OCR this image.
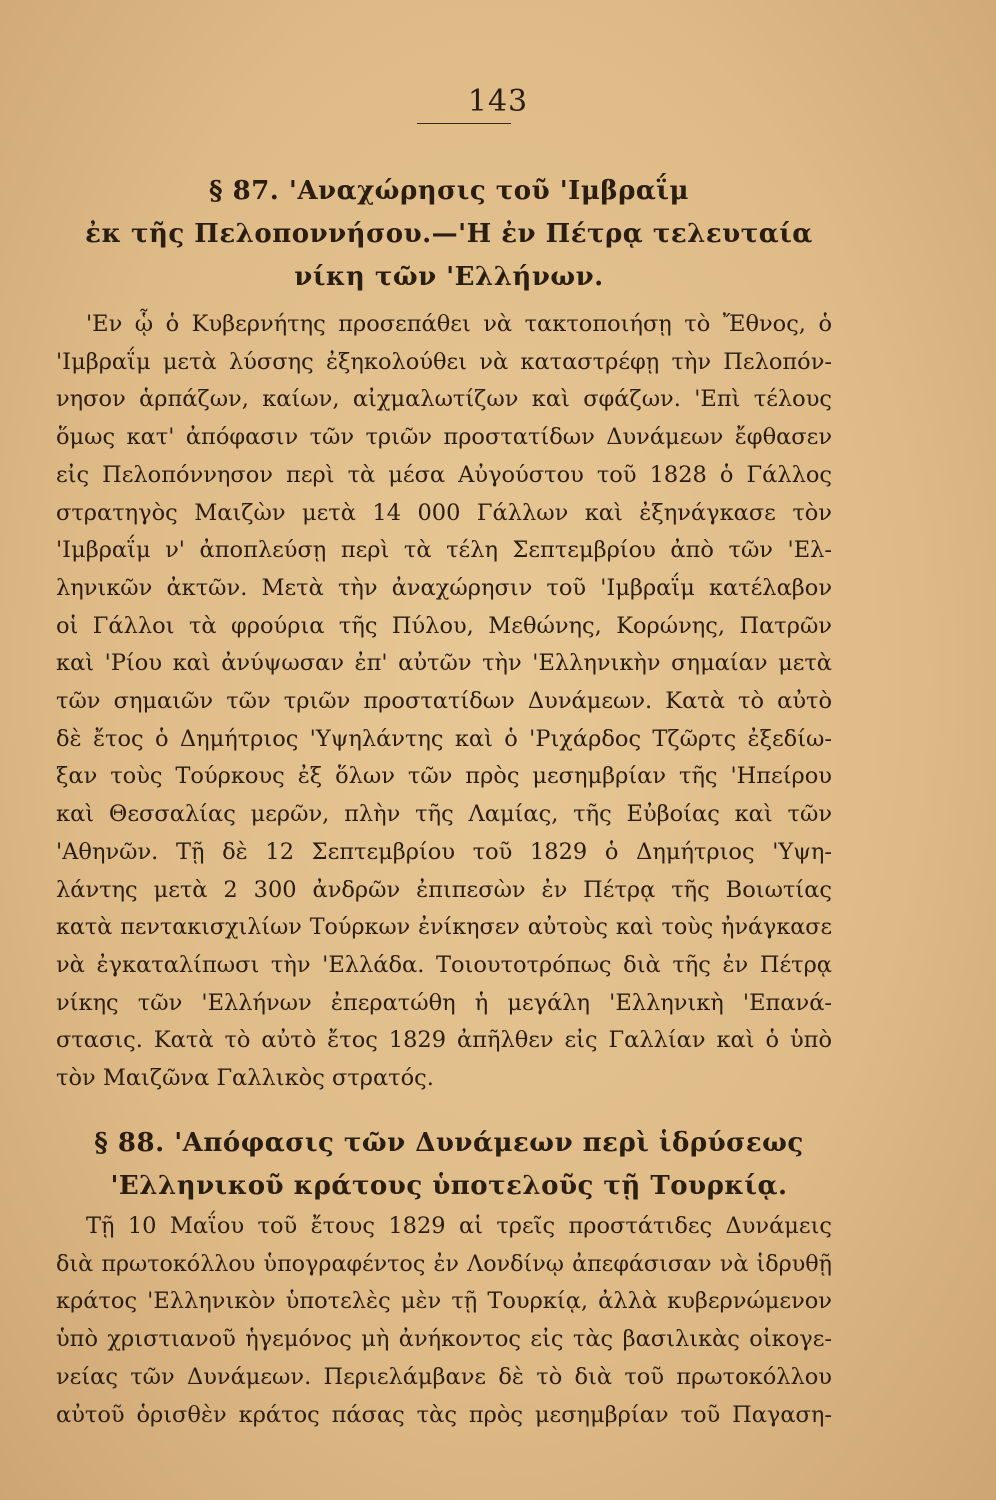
143
§ 87. 'Αναχώρησις τοῦ 'Ιμβραΐμ
ἐκ τῆς Πελοποννήσου.—'Η ἐν Πέτρᾳ τελευταία
νίκη τῶν 'Ελλήνων.
'Εν ᾧ ὁ Κυβερνήτης προσεπάθει νὰ τακτοποιήσῃ τὸ Ἔθνος, ὁ
'Ιμβραΐμ μετὰ λύσσης ἐξηκολούθει νὰ καταστρέφῃ τὴν Πελοπόν-
νησον ἁρπάζων, καίων, αἰχμαλωτίζων καὶ σφάζων. 'Επὶ τέλους
ὅμως κατ' ἀπόφασιν τῶν τριῶν προστατίδων Δυνάμεων ἔφθασεν
εἰς Πελοπόννησον περὶ τὰ μέσα Αὐγούστου τοῦ 1828 ὁ Γάλλος
στρατηγὸς Μαιζὼν μετὰ 14 000 Γάλλων καὶ ἐξηνάγκασε τὸν
'Ιμβραΐμ ν' ἀποπλεύσῃ περὶ τὰ τέλη Σεπτεμβρίου ἀπὸ τῶν 'Ελ-
ληνικῶν ἀκτῶν. Μετὰ τὴν ἀναχώρησιν τοῦ 'Ιμβραΐμ κατέλαβον
οἱ Γάλλοι τὰ φρούρια τῆς Πύλου, Μεθώνης, Κορώνης, Πατρῶν
καὶ 'Ρίου καὶ ἀνύψωσαν ἐπ' αὐτῶν τὴν 'Ελληνικὴν σημαίαν μετὰ
τῶν σημαιῶν τῶν τριῶν προστατίδων Δυνάμεων. Κατὰ τὸ αὐτὸ
δὲ ἔτος ὁ Δημήτριος 'Υψηλάντης καὶ ὁ 'Ριχάρδος Τζῶρτς ἐξεδίω-
ξαν τοὺς Τούρκους ἐξ ὅλων τῶν πρὸς μεσημβρίαν τῆς 'Ηπείρου
καὶ Θεσσαλίας μερῶν, πλὴν τῆς Λαμίας, τῆς Εὐβοίας καὶ τῶν
'Αθηνῶν. Τῇ δὲ 12 Σεπτεμβρίου τοῦ 1829 ὁ Δημήτριος 'Υψη-
λάντης μετὰ 2 300 ἀνδρῶν ἐπιπεσὼν ἐν Πέτρᾳ τῆς Βοιωτίας
κατὰ πεντακισχιλίων Τούρκων ἐνίκησεν αὐτοὺς καὶ τοὺς ἠνάγκασε
νὰ ἐγκαταλίπωσι τὴν 'Ελλάδα. Τοιουτοτρόπως διὰ τῆς ἐν Πέτρᾳ
νίκης τῶν 'Ελλήνων ἐπερατώθη ἡ μεγάλη 'Ελληνικὴ 'Επανά-
στασις. Κατὰ τὸ αὐτὸ ἔτος 1829 ἀπῆλθεν εἰς Γαλλίαν καὶ ὁ ὑπὸ
τὸν Μαιζῶνα Γαλλικὸς στρατός.
§ 88. 'Απόφασις τῶν Δυνάμεων περὶ ἱδρύσεως
'Ελληνικοῦ κράτους ὑποτελοῦς τῇ Τουρκίᾳ.
Τῇ 10 Μαΐου τοῦ ἔτους 1829 αἱ τρεῖς προστάτιδες Δυνάμεις
διὰ πρωτοκόλλου ὑπογραφέντος ἐν Λονδίνῳ ἀπεφάσισαν νὰ ἱδρυθῇ
κράτος 'Ελληνικὸν ὑποτελὲς μὲν τῇ Τουρκίᾳ, ἀλλὰ κυβερνώμενον
ὑπὸ χριστιανοῦ ἡγεμόνος μὴ ἀνήκοντος εἰς τὰς βασιλικὰς οἰκογε-
νείας τῶν Δυνάμεων. Περιελάμβανε δὲ τὸ διὰ τοῦ πρωτοκόλλου
αὐτοῦ ὁρισθὲν κράτος πάσας τὰς πρὸς μεσημβρίαν τοῦ Παγαση-
